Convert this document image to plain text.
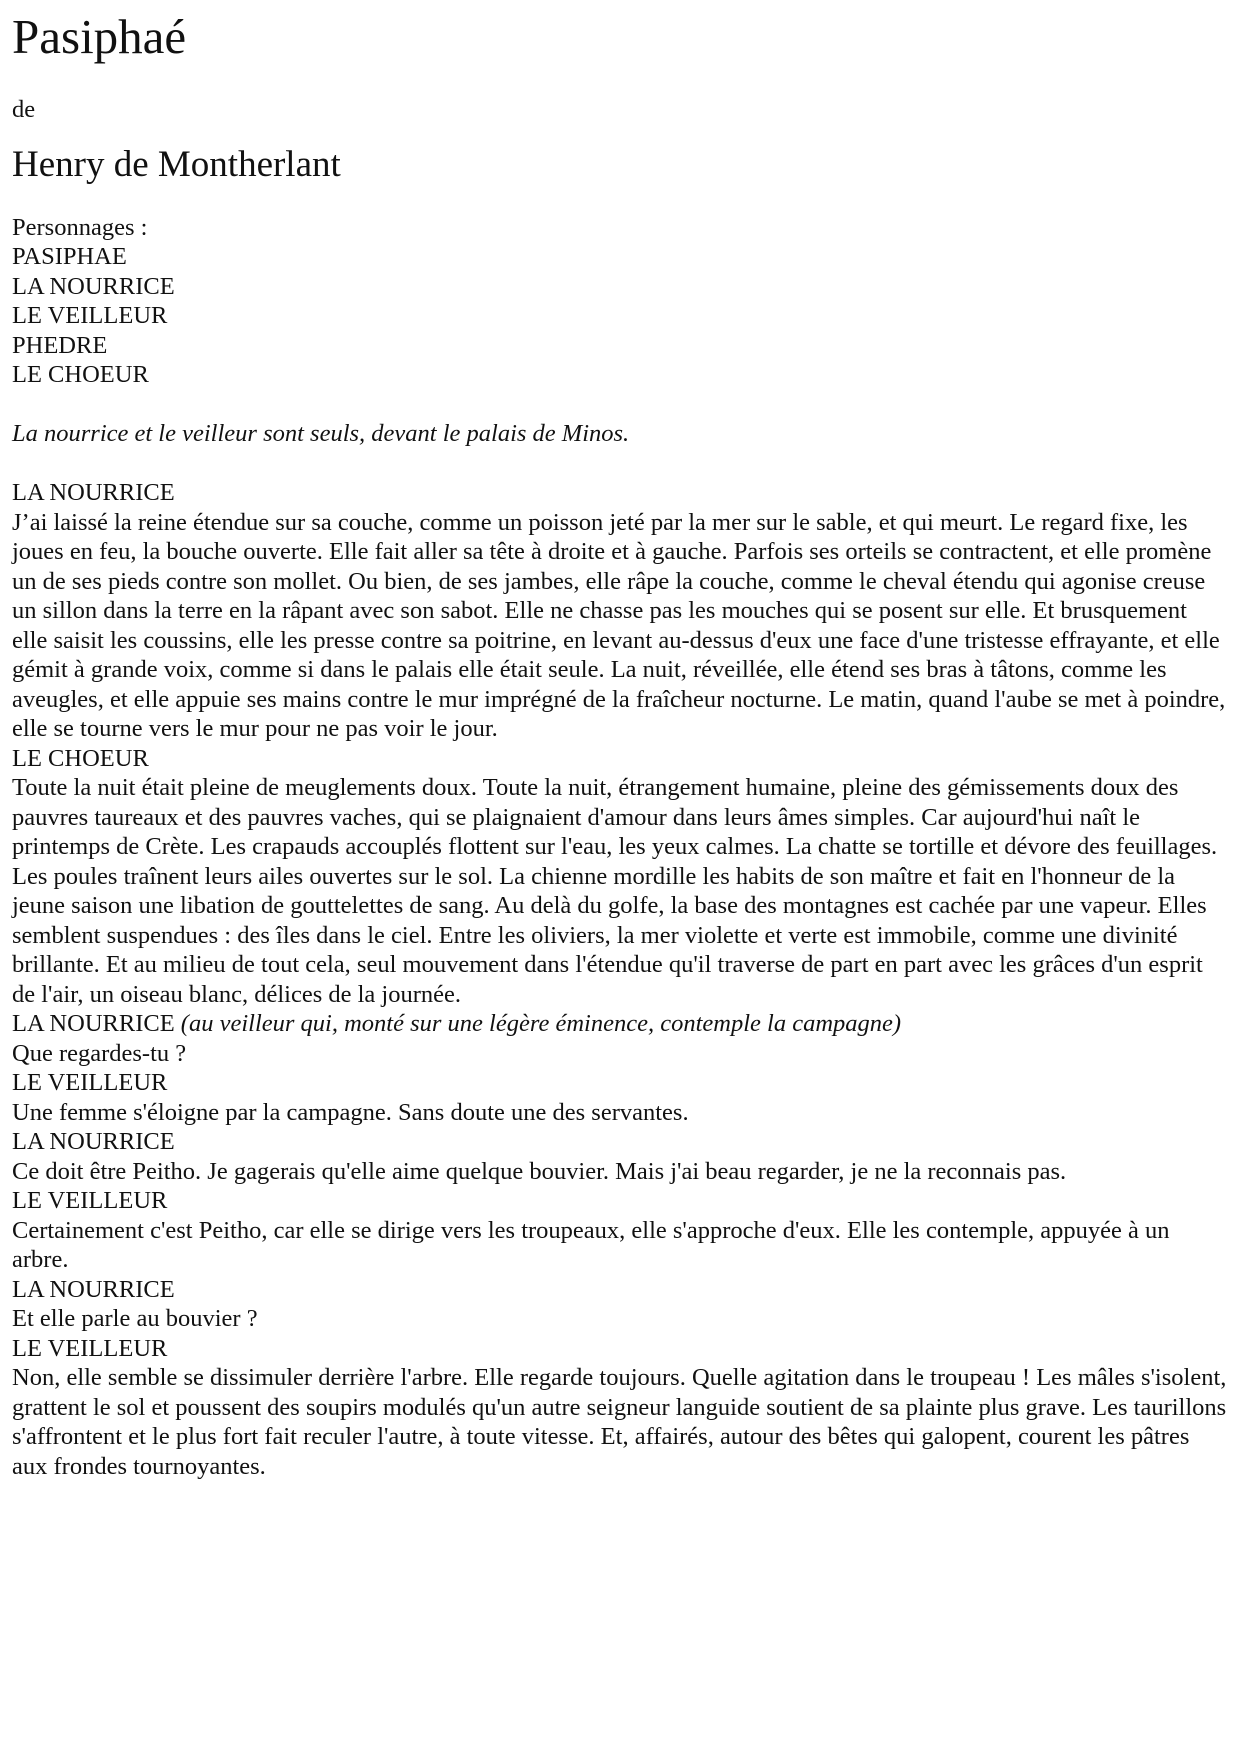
Pasiphaé

de

Henry de Montherlant
Personnages :
PASIPHAE
LA NOURRICE
LE VEILLEUR
PHEDRE
LE CHOEUR
La nourrice et le veilleur sont seuls, devant le palais de Minos.
LA NOURRICE
J’ai laissé la reine étendue sur sa couche, comme un poisson jeté par la mer sur le sable, et qui meurt. Le regard fixe, les joues en feu, la bouche ouverte. Elle fait aller sa tête à droite et à gauche. Parfois ses orteils se contractent, et elle promène un de ses pieds contre son mollet. Ou bien, de ses jambes, elle râpe la couche, comme le cheval étendu qui agonise creuse un sillon dans la terre en la râpant avec son sabot. Elle ne chasse pas les mouches qui se posent sur elle. Et brusquement elle saisit les coussins, elle les presse contre sa poitrine, en levant au-dessus d'eux une face d'une tristesse effrayante, et elle gémit à grande voix, comme si dans le palais elle était seule. La nuit, réveillée, elle étend ses bras à tâtons, comme les aveugles, et elle appuie ses mains contre le mur imprégné de la fraîcheur nocturne. Le matin, quand l'aube se met à poindre, elle se tourne vers le mur pour ne pas voir le jour.
LE CHOEUR
Toute la nuit était pleine de meuglements doux. Toute la nuit, étrangement humaine, pleine des gémissements doux des pauvres taureaux et des pauvres vaches, qui se plaignaient d'amour dans leurs âmes simples. Car aujourd'hui naît le printemps de Crète. Les crapauds accouplés flottent sur l'eau, les yeux calmes. La chatte se tortille et dévore des feuillages. Les poules traînent leurs ailes ouvertes sur le sol. La chienne mordille les habits de son maître et fait en l'honneur de la jeune saison une libation de gouttelettes de sang. Au delà du golfe, la base des montagnes est cachée par une vapeur. Elles semblent suspendues : des îles dans le ciel. Entre les oliviers, la mer violette et verte est immobile, comme une divinité brillante. Et au milieu de tout cela, seul mouvement dans l'étendue qu'il traverse de part en part avec les grâces d'un esprit de l'air, un oiseau blanc, délices de la journée.
LA NOURRICE (au veilleur qui, monté sur une légère éminence, contemple la campagne)
Que regardes-tu ?
LE VEILLEUR
Une femme s'éloigne par la campagne. Sans doute une des servantes.
LA NOURRICE
Ce doit être Peitho. Je gagerais qu'elle aime quelque bouvier. Mais j'ai beau regarder, je ne la reconnais pas.
LE VEILLEUR
Certainement c'est Peitho, car elle se dirige vers les troupeaux, elle s'approche d'eux. Elle les contemple, appuyée à un arbre.
LA NOURRICE
Et elle parle au bouvier ?
LE VEILLEUR
Non, elle semble se dissimuler derrière l'arbre. Elle regarde toujours. Quelle agitation dans le troupeau ! Les mâles s'isolent, grattent le sol et poussent des soupirs modulés qu'un autre seigneur languide soutient de sa plainte plus grave. Les taurillons s'affrontent et le plus fort fait reculer l'autre, à toute vitesse. Et, affairés, autour des bêtes qui galopent, courent les pâtres aux frondes tournoyantes.
